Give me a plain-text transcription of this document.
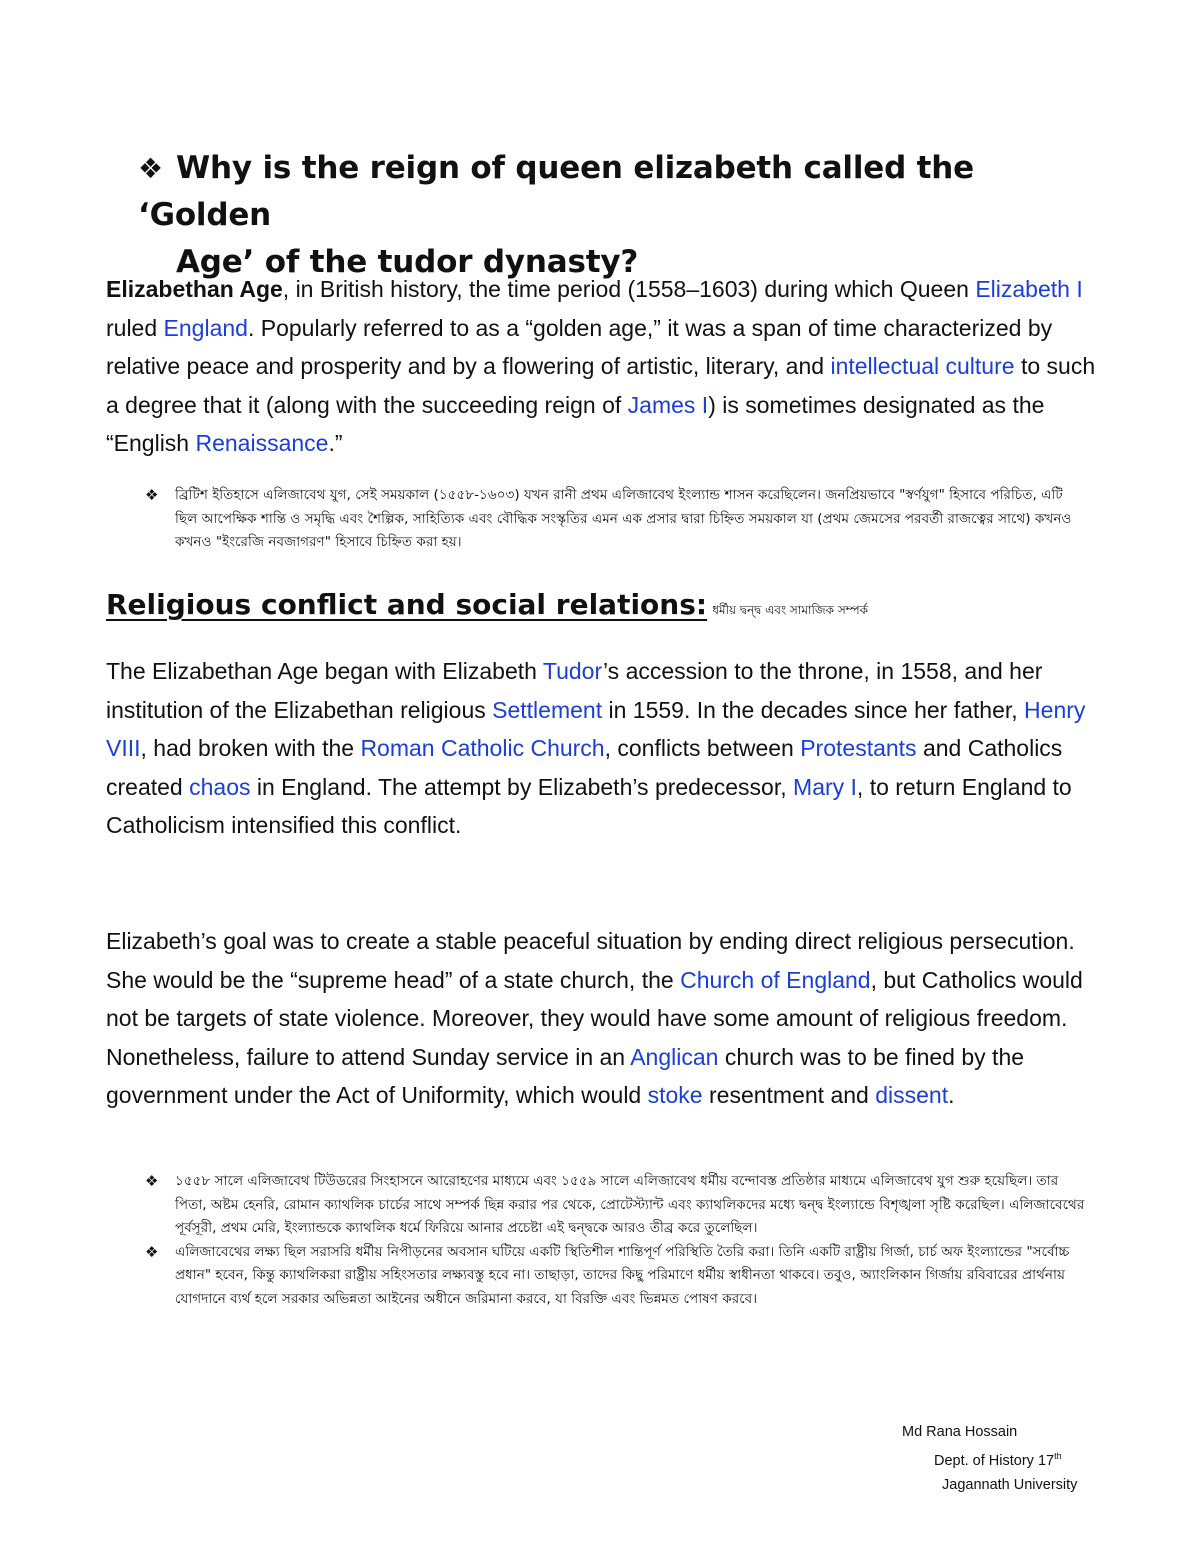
❖ Why is the reign of queen elizabeth called the ‘Golden
Age’ of the tudor dynasty?
Elizabethan Age, in British history, the time period (1558–1603) during which Queen Elizabeth I ruled England. Popularly referred to as a “golden age,” it was a span of time characterized by relative peace and prosperity and by a flowering of artistic, literary, and intellectual culture to such a degree that it (along with the succeeding reign of James I) is sometimes designated as the “English Renaissance.”

❖ ব্রিটিশ ইতিহাসে এলিজাবেথ যুগ, সেই সময়কাল (১৫৫৮-১৬০৩) যখন রানী প্রথম এলিজাবেথ ইংল্যান্ড শাসন করেছিলেন। জনপ্রিয়ভাবে "স্বর্ণযুগ" হিসাবে পরিচিত, এটি ছিল আপেক্ষিক শান্তি ও সমৃদ্ধি এবং শৈল্পিক, সাহিত্যিক এবং বৌদ্ধিক সংস্কৃতির এমন এক প্রসার দ্বারা চিহ্নিত সময়কাল যা (প্রথম জেমসের পরবর্তী রাজত্বের সাথে) কখনও কখনও "ইংরেজি নবজাগরণ" হিসাবে চিহ্নিত করা হয়।

Religious conflict and social relations: ধর্মীয় দ্বন্দ্ব এবং সামাজিক সম্পর্ক
The Elizabethan Age began with Elizabeth Tudor’s accession to the throne, in 1558, and her institution of the Elizabethan religious Settlement in 1559. In the decades since her father, Henry VIII, had broken with the Roman Catholic Church, conflicts between Protestants and Catholics created chaos in England. The attempt by Elizabeth’s predecessor, Mary I, to return England to Catholicism intensified this conflict.
Elizabeth’s goal was to create a stable peaceful situation by ending direct religious persecution. She would be the “supreme head” of a state church, the Church of England, but Catholics would not be targets of state violence. Moreover, they would have some amount of religious freedom. Nonetheless, failure to attend Sunday service in an Anglican church was to be fined by the government under the Act of Uniformity, which would stoke resentment and dissent.

❖ ১৫৫৮ সালে এলিজাবেথ টিউডরের সিংহাসনে আরোহণের মাধ্যমে এবং ১৫৫৯ সালে এলিজাবেথ ধর্মীয় বন্দোবস্ত প্রতিষ্ঠার মাধ্যমে এলিজাবেথ যুগ শুরু হয়েছিল। তার পিতা, অষ্টম হেনরি, রোমান ক্যাথলিক চার্চের সাথে সম্পর্ক ছিন্ন করার পর থেকে, প্রোটেস্ট্যান্ট এবং ক্যাথলিকদের মধ্যে দ্বন্দ্ব ইংল্যান্ডে বিশৃঙ্খলা সৃষ্টি করেছিল। এলিজাবেথের পূর্বসূরী, প্রথম মেরি, ইংল্যান্ডকে ক্যাথলিক ধর্মে ফিরিয়ে আনার প্রচেষ্টা এই দ্বন্দ্বকে আরও তীব্র করে তুলেছিল।

❖ এলিজাবেথের লক্ষ্য ছিল সরাসরি ধর্মীয় নিপীড়নের অবসান ঘটিয়ে একটি স্থিতিশীল শান্তিপূর্ণ পরিস্থিতি তৈরি করা। তিনি একটি রাষ্ট্রীয় গির্জা, চার্চ অফ ইংল্যান্ডের "সর্বোচ্চ প্রধান" হবেন, কিন্তু ক্যাথলিকরা রাষ্ট্রীয় সহিংসতার লক্ষ্যবস্তু হবে না। তাছাড়া, তাদের কিছু পরিমাণে ধর্মীয় স্বাধীনতা থাকবে। তবুও, অ্যাংলিকান গির্জায় রবিবারের প্রার্থনায় যোগদানে ব্যর্থ হলে সরকার অভিন্নতা আইনের অধীনে জরিমানা করবে, যা বিরক্তি এবং ভিন্নমত পোষণ করবে।

Md Rana Hossain
Dept. of History 17th
Jagannath University
